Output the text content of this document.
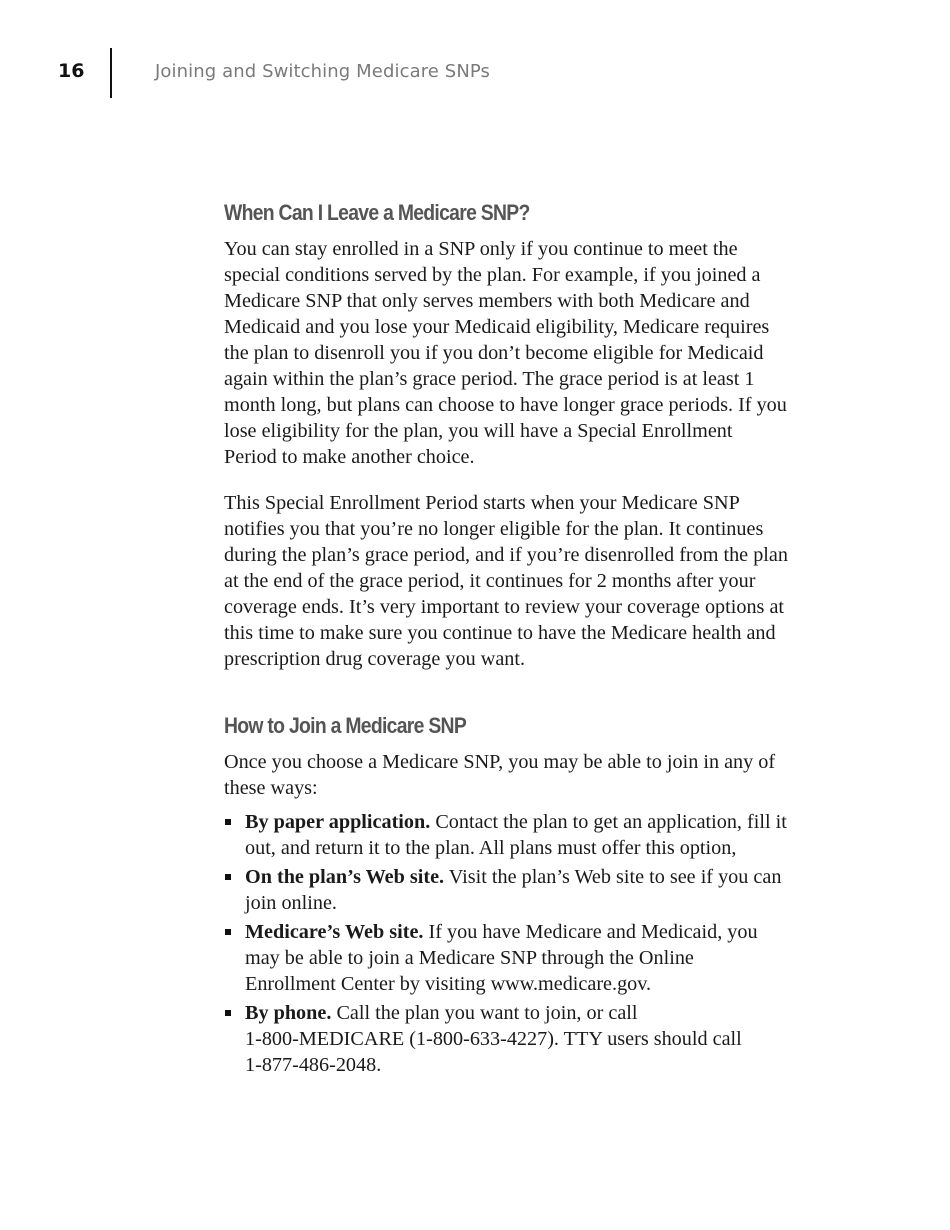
16	Joining and Switching Medicare SNPs
When Can I Leave a Medicare SNP?

You can stay enrolled in a SNP only if you continue to meet the special conditions served by the plan. For example, if you joined a Medicare SNP that only serves members with both Medicare and Medicaid and you lose your Medicaid eligibility, Medicare requires the plan to disenroll you if you don’t become eligible for Medicaid again within the plan’s grace period. The grace period is at least 1 month long, but plans can choose to have longer grace periods. If you lose eligibility for the plan, you will have a Special Enrollment Period to make another choice.

This Special Enrollment Period starts when your Medicare SNP notifies you that you’re no longer eligible for the plan. It continues during the plan’s grace period, and if you’re disenrolled from the plan at the end of the grace period, it continues for 2 months after your coverage ends. It’s very important to review your coverage options at this time to make sure you continue to have the Medicare health and prescription drug coverage you want.

How to Join a Medicare SNP

Once you choose a Medicare SNP, you may be able to join in any of these ways:

By paper application. Contact the plan to get an application, fill it out, and return it to the plan. All plans must offer this option,
On the plan’s Web site. Visit the plan’s Web site to see if you can join online.
Medicare’s Web site. If you have Medicare and Medicaid, you may be able to join a Medicare SNP through the Online Enrollment Center by visiting www.medicare.gov.
By phone. Call the plan you want to join, or call 1‑800‑MEDICARE (1‑800‑633‑4227). TTY users should call 1‑877‑486‑2048.
